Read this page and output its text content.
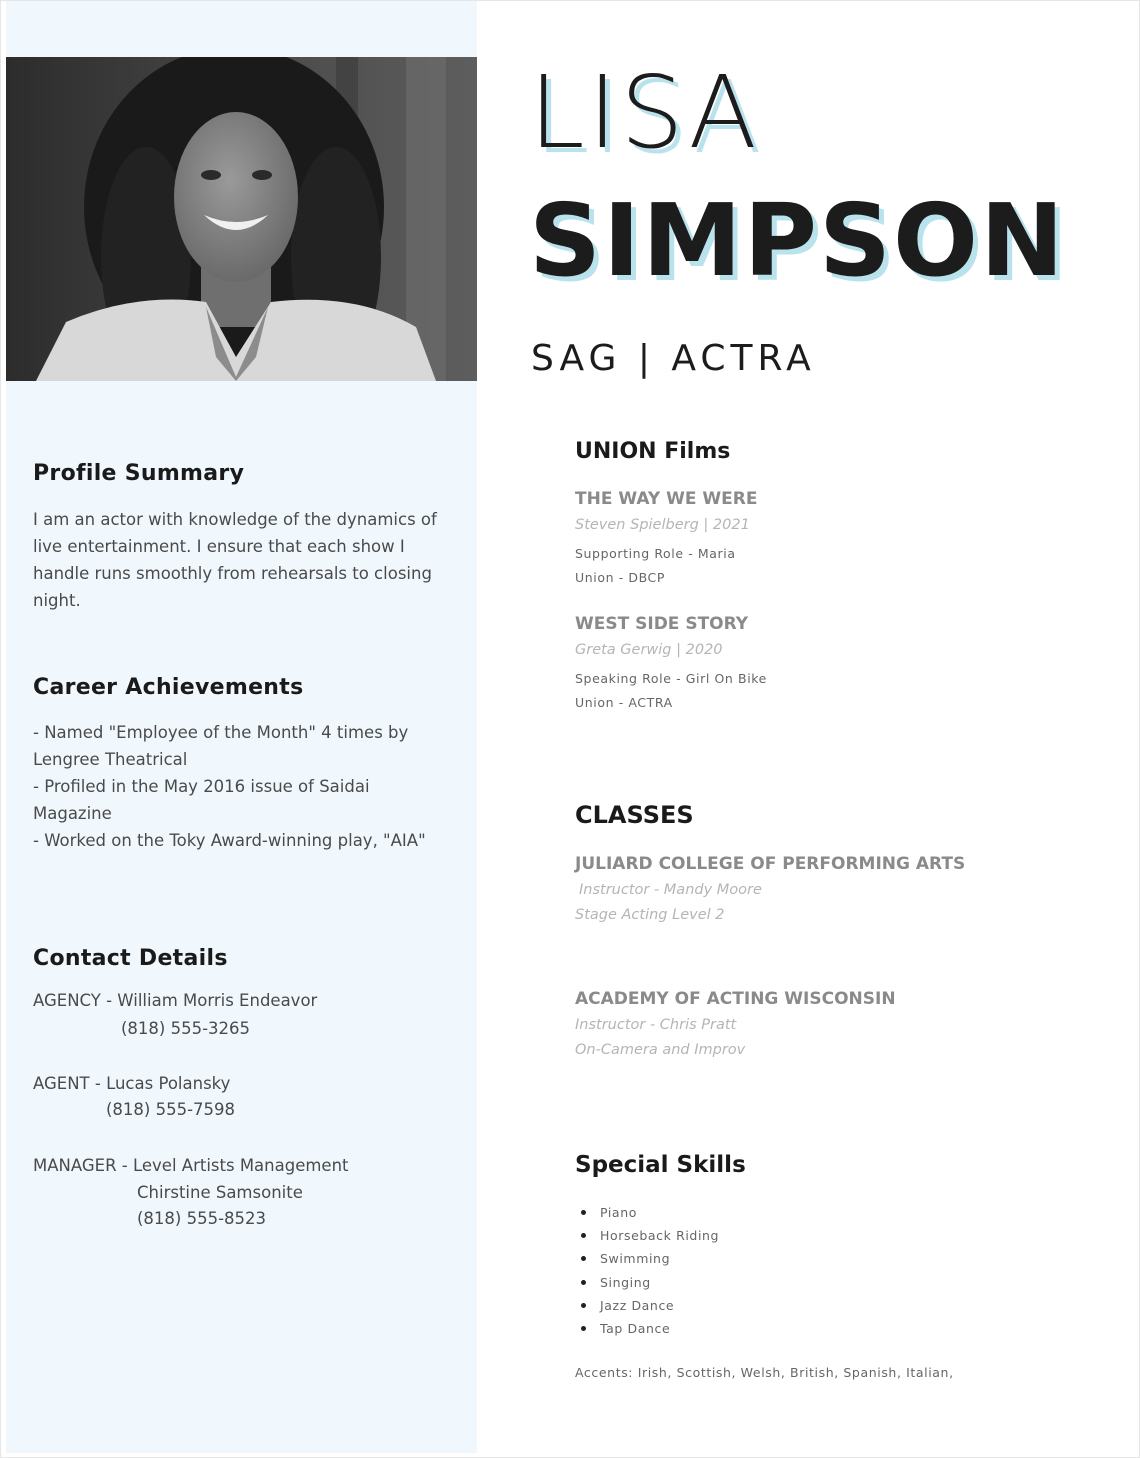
Profile Summary

I am an actor with knowledge of the dynamics of
live entertainment. I ensure that each show I
handle runs smoothly from rehearsals to closing
night.

Career Achievements

- Named "Employee of the Month" 4 times by
Lengree Theatrical
- Profiled in the May 2016 issue of Saidai
Magazine
- Worked on the Toky Award-winning play, "AIA"

Contact Details
AGENCY - William Morris Endeavor
(818) 555-3265
AGENT - Lucas Polansky
(818) 555-7598
MANAGER - Level Artists Management
Chirstine Samsonite
(818) 555-8523
LISA
SIMPSON
SAG | ACTRA
UNION Films
THE WAY WE WERE
Steven Spielberg | 2021
Supporting Role - Maria
Union - DBCP
WEST SIDE STORY
Greta Gerwig | 2020
Speaking Role - Girl On Bike
Union - ACTRA
CLASSES
JULIARD COLLEGE OF PERFORMING ARTS
Instructor - Mandy Moore
Stage Acting Level 2
ACADEMY OF ACTING WISCONSIN
Instructor - Chris Pratt
On-Camera and Improv
Special Skills
Piano
Horseback Riding
Swimming
Singing
Jazz Dance
Tap Dance
Accents: Irish, Scottish, Welsh, British, Spanish, Italian,
